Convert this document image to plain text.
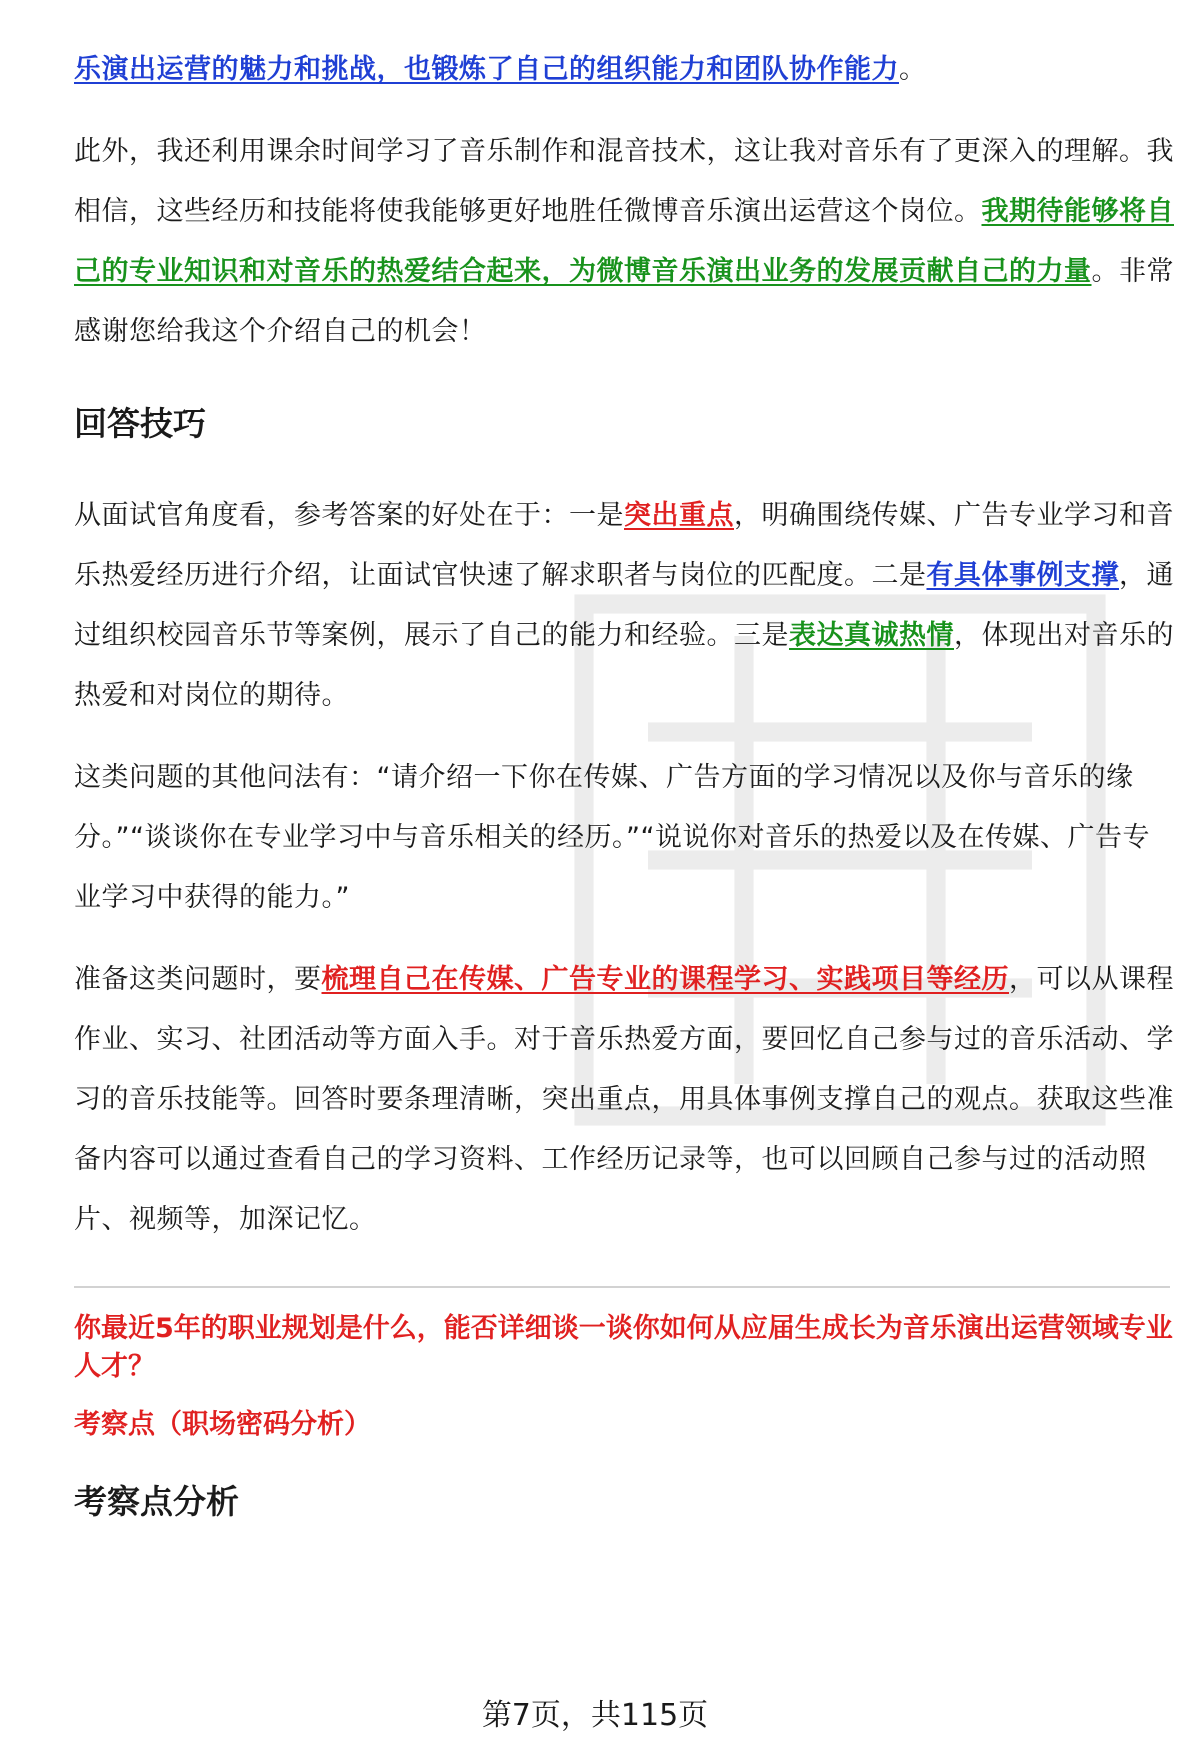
乐演出运营的魅力和挑战，也锻炼了自己的组织能力和团队协作能力。

此外，我还利用课余时间学习了音乐制作和混音技术，这让我对音乐有了更深入的理解。我相信，这些经历和技能将使我能够更好地胜任微博音乐演出运营这个岗位。我期待能够将自己的专业知识和对音乐的热爱结合起来，为微博音乐演出业务的发展贡献自己的力量。非常感谢您给我这个介绍自己的机会！

回答技巧

从面试官角度看，参考答案的好处在于：一是突出重点，明确围绕传媒、广告专业学习和音乐热爱经历进行介绍，让面试官快速了解求职者与岗位的匹配度。二是有具体事例支撑，通过组织校园音乐节等案例，展示了自己的能力和经验。三是表达真诚热情，体现出对音乐的热爱和对岗位的期待。

这类问题的其他问法有：“请介绍一下你在传媒、广告方面的学习情况以及你与音乐的缘分。”“谈谈你在专业学习中与音乐相关的经历。”“说说你对音乐的热爱以及在传媒、广告专业学习中获得的能力。”

准备这类问题时，要梳理自己在传媒、广告专业的课程学习、实践项目等经历，可以从课程作业、实习、社团活动等方面入手。对于音乐热爱方面，要回忆自己参与过的音乐活动、学习的音乐技能等。回答时要条理清晰，突出重点，用具体事例支撑自己的观点。获取这些准备内容可以通过查看自己的学习资料、工作经历记录等，也可以回顾自己参与过的活动照片、视频等，加深记忆。

你最近5年的职业规划是什么，能否详细谈一谈你如何从应届生成长为音乐演出运营领域专业人才？

考察点（职场密码分析）

考察点分析
第7页，共115页
